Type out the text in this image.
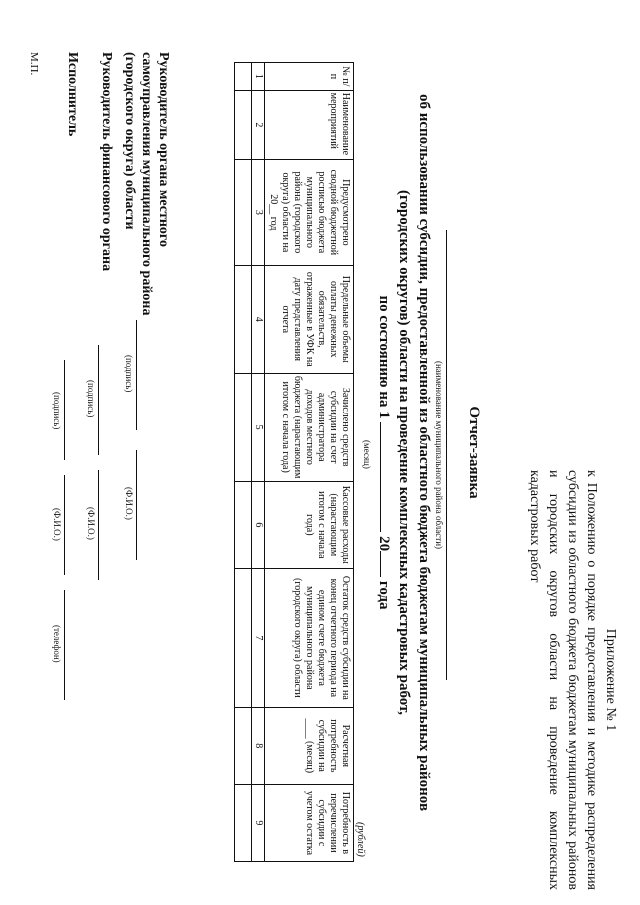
Приложение № 1
к Положению о порядке предоставления и методике распределения субсидии из областного бюджета бюджетам муниципальных районов и городских округов области на проведение комплексных кадастровых работ
Отчет-заявка
(наименование муниципального района области)
об использовании субсидии, предоставленной из областного бюджета бюджетам муниципальных районов
(городских округов) области на проведение комплексных кадастровых работ,
по состоянию на 1  20 года
(месяц)
(рублей)
№ п/п	Наименование мероприятий	Предусмотрено сводной бюджетной росписью бюджета муниципального района (городского округа) области на 20__ год	Предельные объемы оплаты денежных обязательств, отраженные в УФК на дату представления отчета	Зачислено средств субсидии на счет администратора доходов местного бюджета (нарастающим итогом с начала года)	Кассовые расходы (нарастающим итогом с начала года)	Остаток средств субсидии на конец отчетного периода на едином счете бюджета муниципального района (городского округа) области	Расчетная потребность субсидии на ____ (месяц)	Потребность в перечислении субсидии с учетом остатка
1	2	3	4	5	6	7	8	9

Руководитель органа местного
самоуправления муниципального района
(городского округа) области
(подпись)
(Ф.И.О.)
Руководитель финансового органа
(подпись)
(Ф.И.О.)
Исполнитель
(подпись)
(Ф.И.О.)
(телефон)
М.П.
